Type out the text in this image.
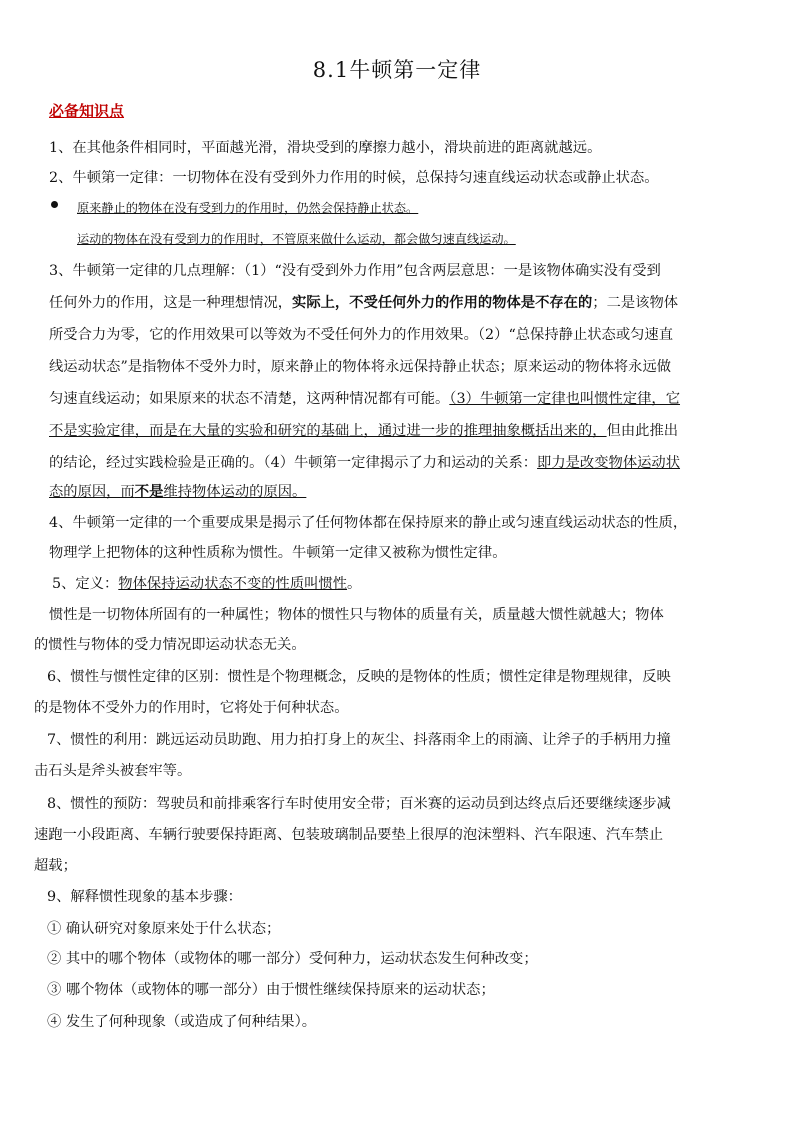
8.1牛顿第一定律
必备知识点
1、在其他条件相同时，平面越光滑，滑块受到的摩擦力越小，滑块前进的距离就越远。
2、牛顿第一定律：一切物体在没有受到外力作用的时候，总保持匀速直线运动状态或静止状态。
原来静止的物体在没有受到力的作用时，仍然会保持静止状态。
运动的物体在没有受到力的作用时，不管原来做什么运动，都会做匀速直线运动。
3、牛顿第一定律的几点理解：（1）“没有受到外力作用”包含两层意思：一是该物体确实没有受到
任何外力的作用，这是一种理想情况，实际上，不受任何外力的作用的物体是不存在的；二是该物体
所受合力为零，它的作用效果可以等效为不受任何外力的作用效果。（2）“总保持静止状态或匀速直
线运动状态”是指物体不受外力时，原来静止的物体将永远保持静止状态；原来运动的物体将永远做
匀速直线运动；如果原来的状态不清楚，这两种情况都有可能。（3）牛顿第一定律也叫惯性定律，它
不是实验定律，而是在大量的实验和研究的基础上，通过进一步的推理抽象概括出来的，但由此推出
的结论，经过实践检验是正确的。（4）牛顿第一定律揭示了力和运动的关系：即力是改变物体运动状
态的原因，而不是维持物体运动的原因。
4、牛顿第一定律的一个重要成果是揭示了任何物体都在保持原来的静止或匀速直线运动状态的性质，
物理学上把物体的这种性质称为惯性。牛顿第一定律又被称为惯性定律。
5、定义：物体保持运动状态不变的性质叫惯性。
惯性是一切物体所固有的一种属性；物体的惯性只与物体的质量有关，质量越大惯性就越大；物体
的惯性与物体的受力情况即运动状态无关。
6、惯性与惯性定律的区别：惯性是个物理概念，反映的是物体的性质；惯性定律是物理规律，反映
的是物体不受外力的作用时，它将处于何种状态。
7、惯性的利用：跳远运动员助跑、用力拍打身上的灰尘、抖落雨伞上的雨滴、让斧子的手柄用力撞
击石头是斧头被套牢等。
8、惯性的预防：驾驶员和前排乘客行车时使用安全带；百米赛的运动员到达终点后还要继续逐步减
速跑一小段距离、车辆行驶要保持距离、包装玻璃制品要垫上很厚的泡沫塑料、汽车限速、汽车禁止
超载；
9、解释惯性现象的基本步骤：
① 确认研究对象原来处于什么状态；
② 其中的哪个物体（或物体的哪一部分）受何种力，运动状态发生何种改变；
③ 哪个物体（或物体的哪一部分）由于惯性继续保持原来的运动状态；
④ 发生了何种现象（或造成了何种结果）。
